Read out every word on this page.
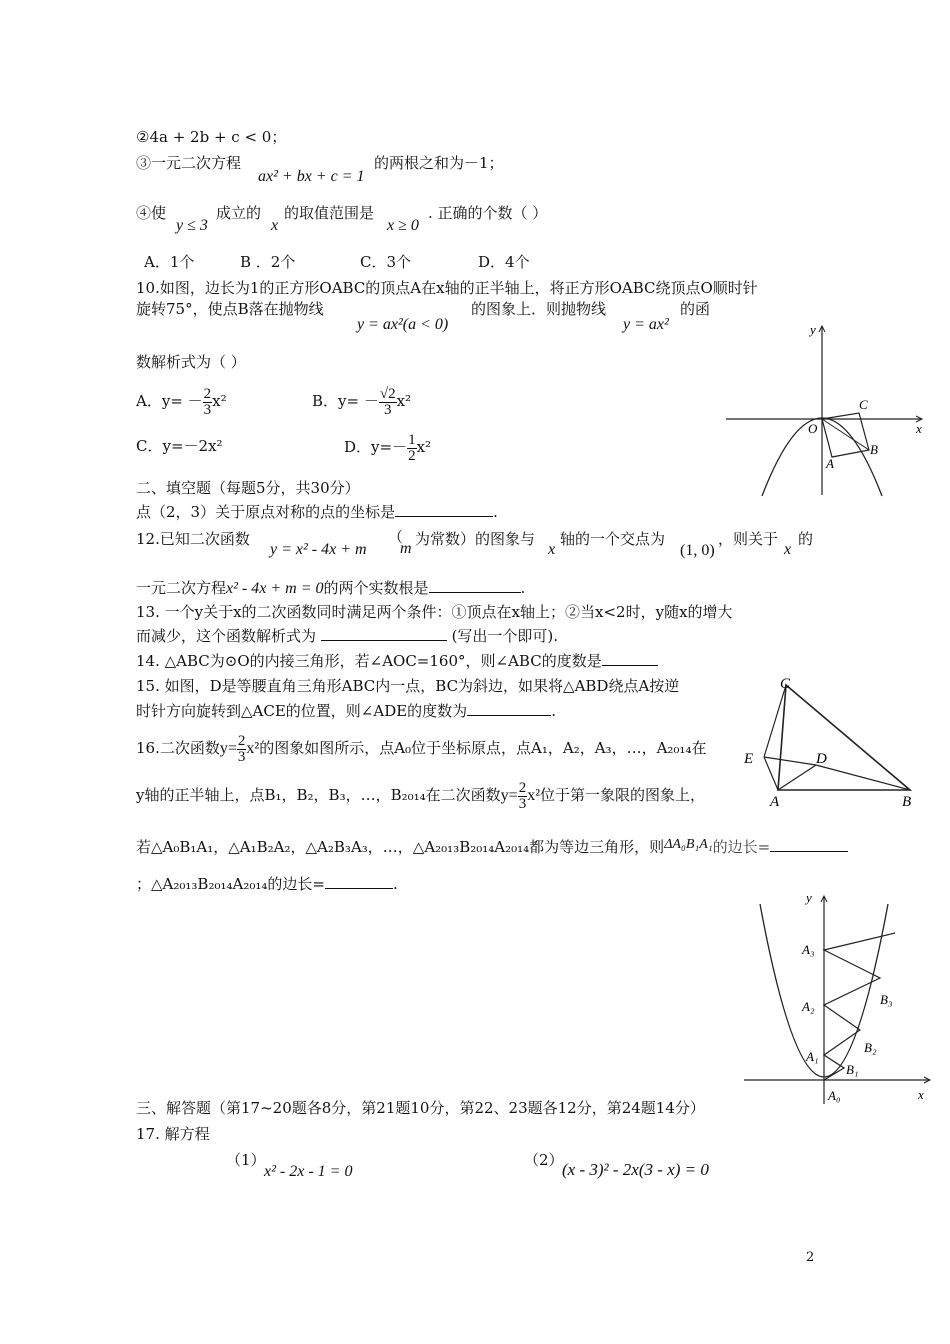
②4a + 2b + c < 0；
③一元二次方程
ax² + bx + c = 1
的两根之和为－1；
④使
y ≤ 3
成立的
x
的取值范围是
x ≥ 0
. 正确的个数（ ）
A．1个	B ．2个	C．3个	D．4个
10.如图，边长为1的正方形OABC的顶点A在x轴的正半轴上，将正方形OABC绕顶点O顺时针
旋转75°，使点B落在抛物线
y = ax²(a < 0)
的图象上．则抛物线
y = ax²
的函
数解析式为（ ）
A．$y= - \frac{2}{3} x^2$	B．$y= - \frac{√2}{3} x^2$
C．y=－2x²	D．$y=- \frac{1}{2} x^2$
y
x
O
C
A
B
二、填空题（每题5分，共30分）
点（2，3）关于原点对称的点的坐标是	.
12.已知二次函数
y = x² - 4x + m
（
m
为常数）的图象与
x
轴的一个交点为
(1, 0)
，则关于
x
的
一元二次方程x² - 4x + m = 0的两个实数根是	.
13. 一个y关于x的二次函数同时满足两个条件：①顶点在x轴上；②当x<2时，y随x的增大
而减少，这个函数解析式为	(写出一个即可).
14. △ABC为⊙O的内接三角形，若∠AOC=160°，则∠ABC的度数是
15. 如图，D是等腰直角三角形ABC内一点，BC为斜边，如果将△ABD绕点A按逆
时针方向旋转到△ACE的位置，则∠ADE的度数为	.
C
E	D
A	B
16.二次函数$y= \frac{2}{3} x^2$的图象如图所示，点A₀位于坐标原点，点A₁，A₂，A₃，…，A₂₀₁₄在
y轴的正半轴上，点B₁，B₂，B₃，…，B₂₀₁₄在二次函数$y= \frac{2}{3} x^2$位于第一象限的图象上，
若△A₀B₁A₁，△A₁B₂A₂，△A₂B₃A₃，…，△A₂₀₁₃B₂₀₁₄A₂₀₁₄都为等边三角形，则ΔA₀B₁A₁的边长=
；△A₂₀₁₃B₂₀₁₄A₂₀₁₄的边长=	.
y
x
A₃
A₂
A₁
A₀
B₁
B₂
B₃
三、解答题（第17~20题各8分，第21题10分，第22、23题各12分，第24题14分）
17. 解方程
（1）
x² - 2x - 1 = 0
（2）
(x - 3)² - 2x(3 - x) = 0
2
